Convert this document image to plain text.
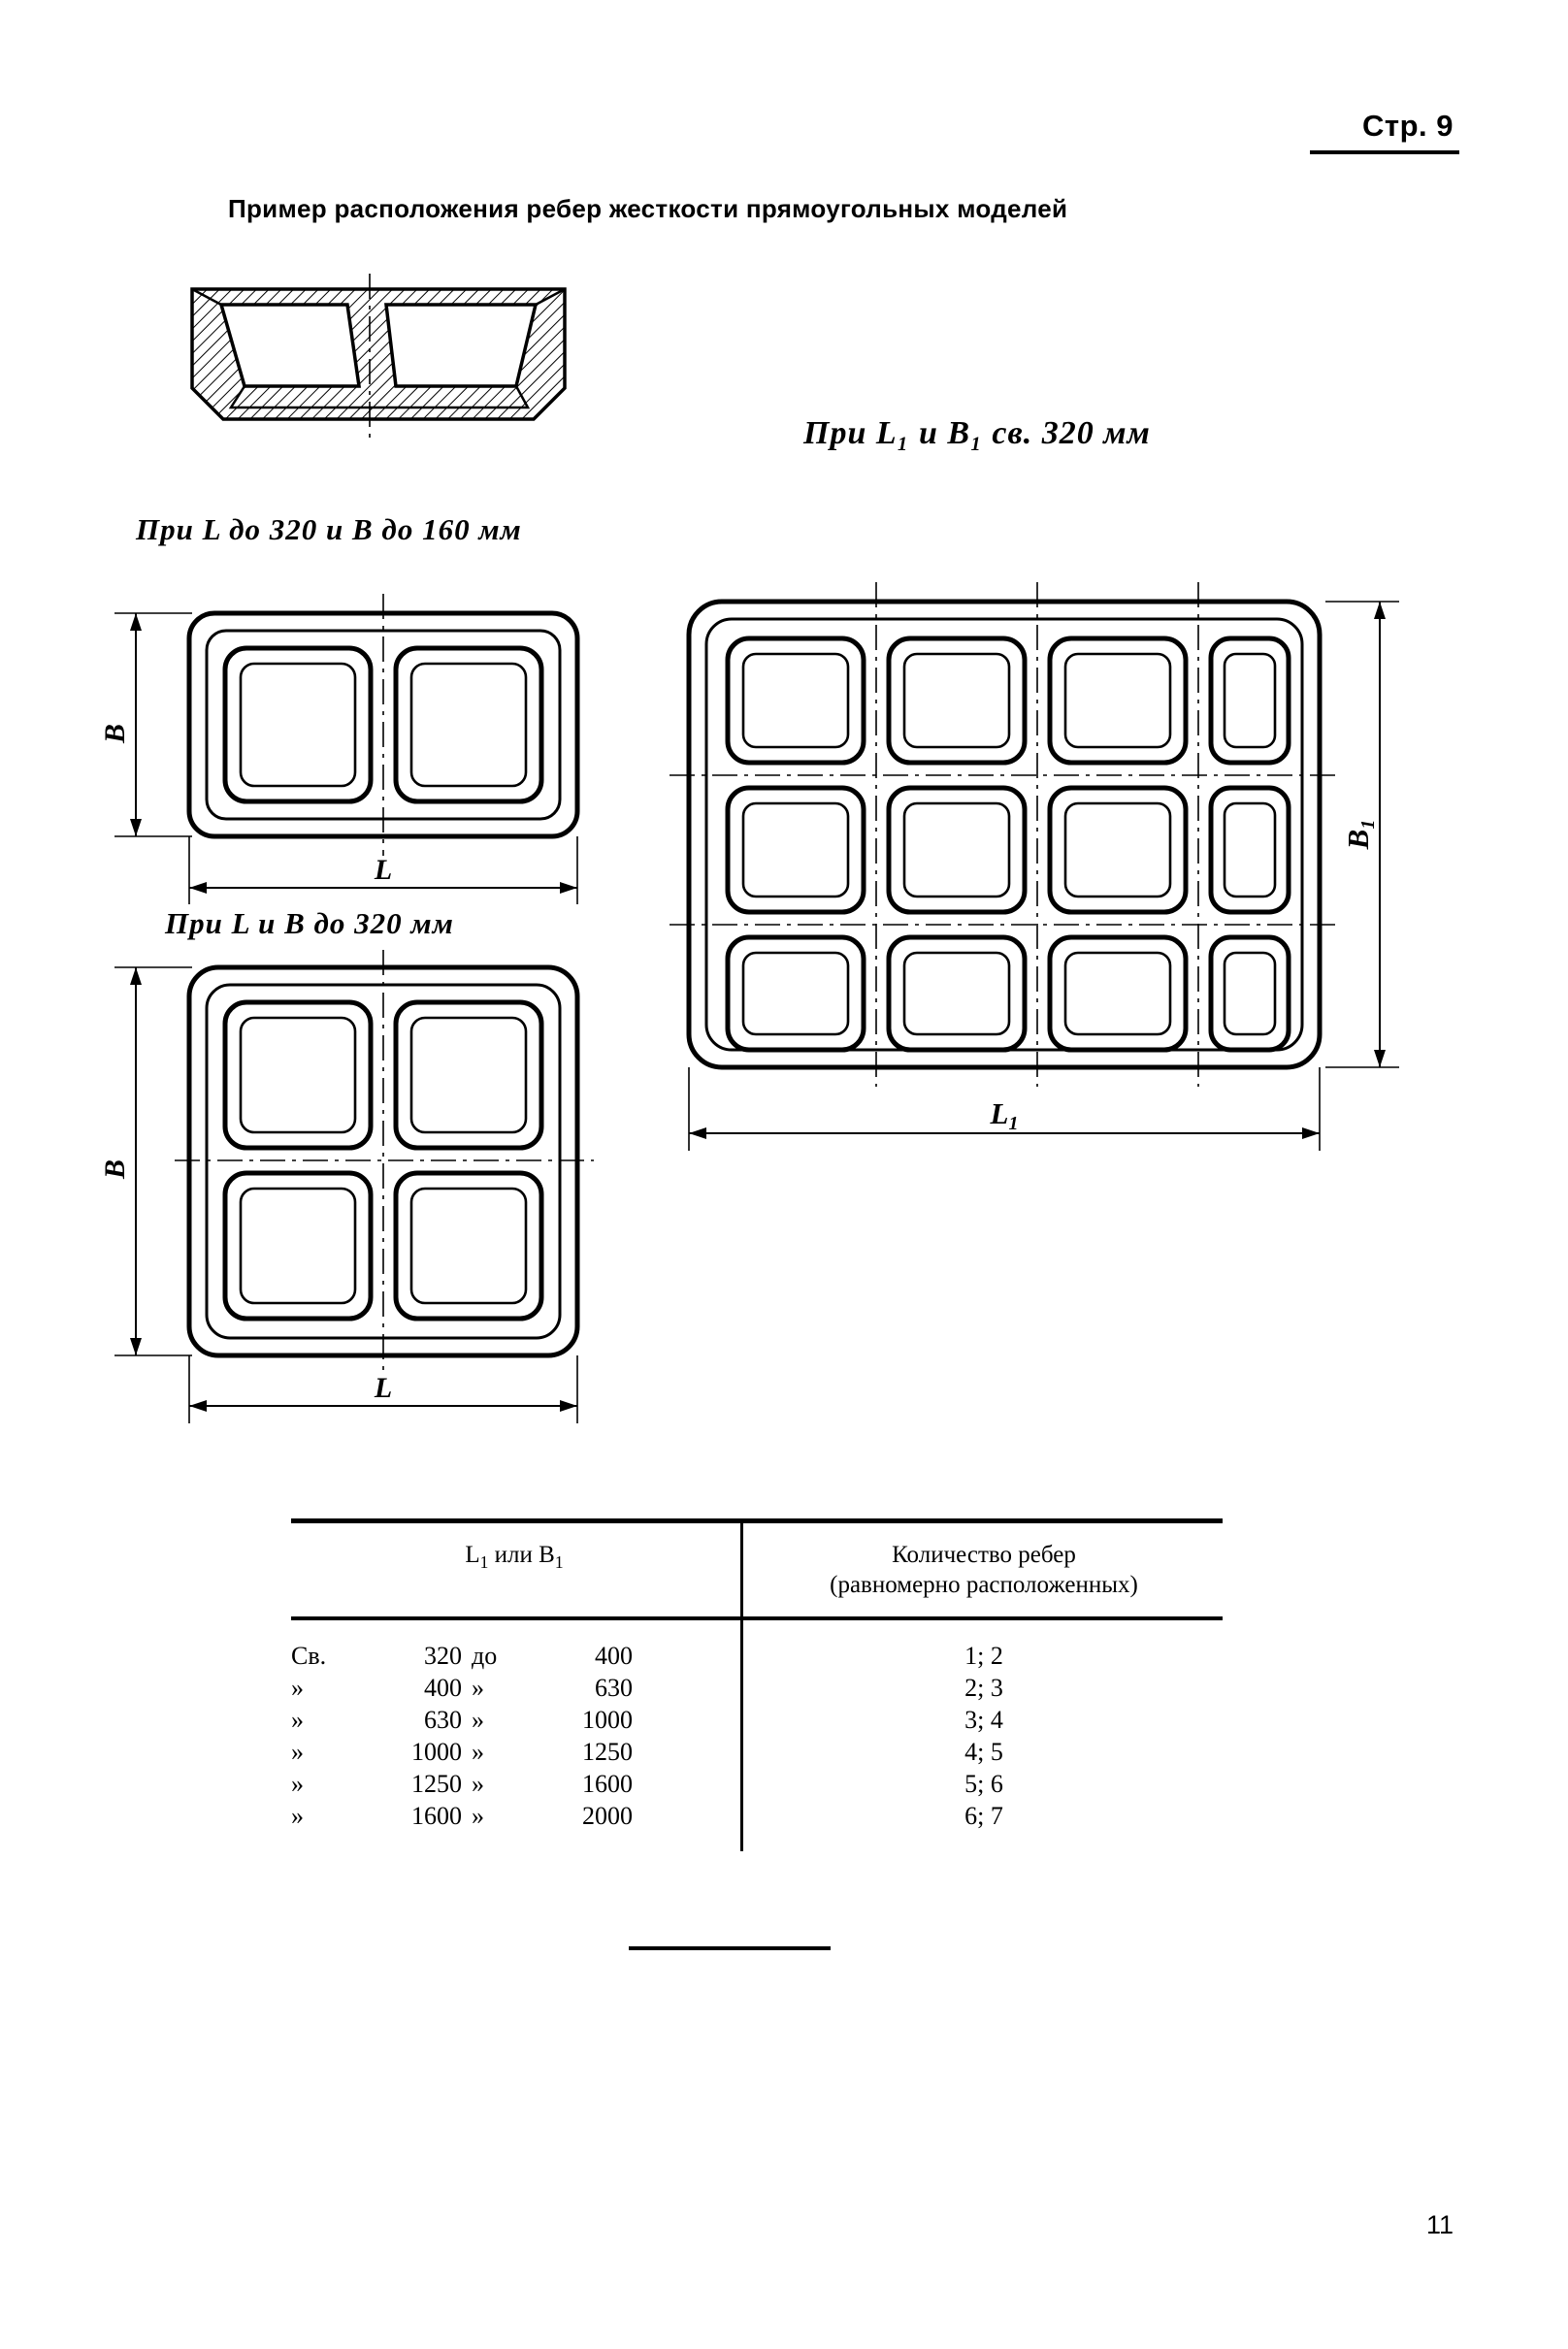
Стр. 9
Пример расположения ребер жесткости прямоугольных моделей
При L до 320 и B до 160 мм
При L₁ и B₁ св. 320 мм
B
L
При L и B до 320 мм
B
L
B1
L1
$L_1$ или $B_1$	Количество ребер
(равномерно расположенных)
Св.	320 до	400	1; 2
»	400 »	630	2; 3
»	630 »	1000	3; 4
»	1000 »	1250	4; 5
»	1250 »	1600	5; 6
»	1600 »	2000	6; 7
11
